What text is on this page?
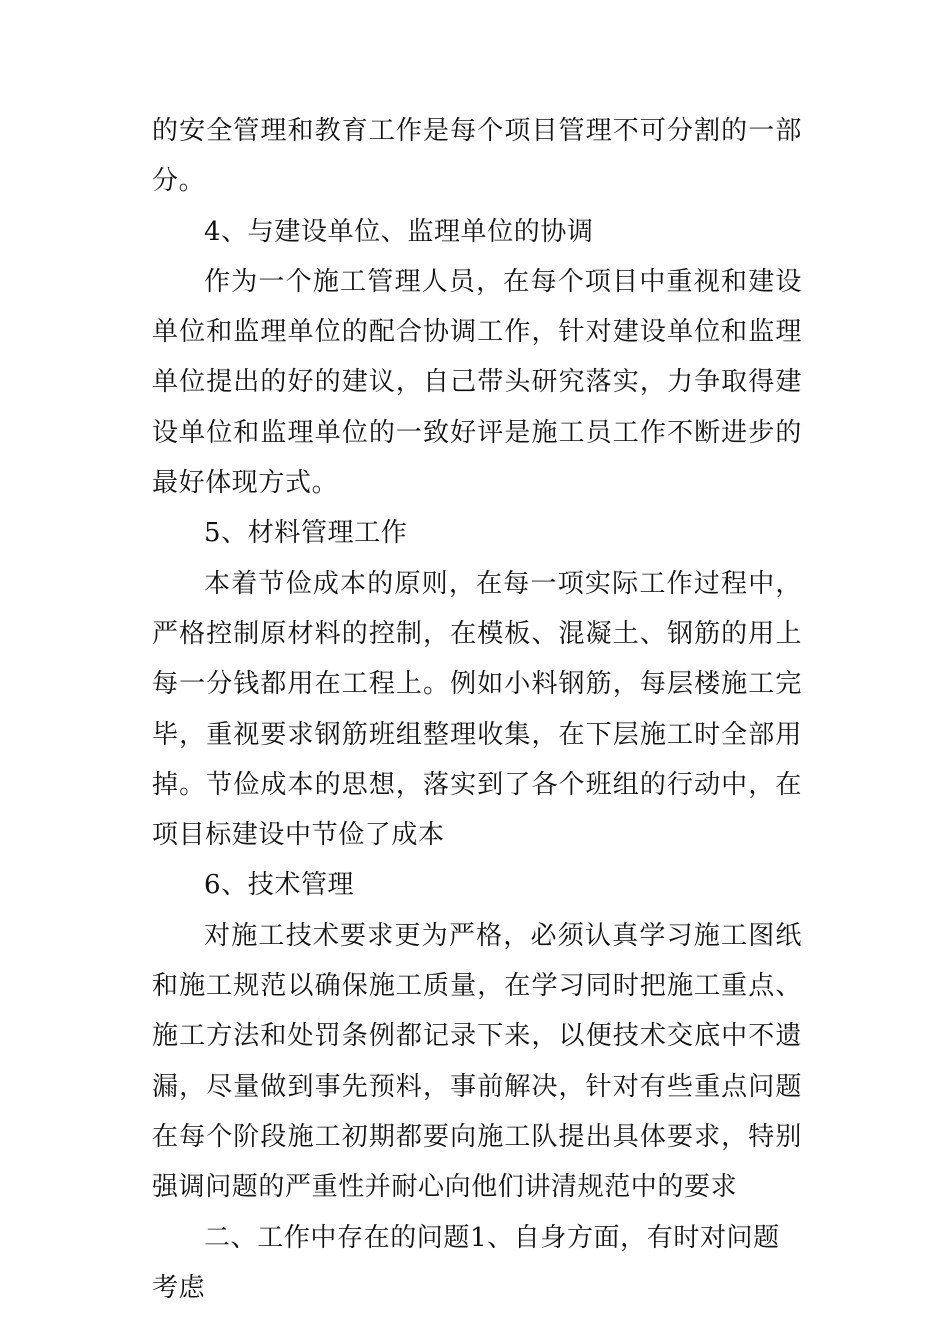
的安全管理和教育工作是每个项目管理不可分割的一部分。

4、与建设单位、监理单位的协调

作为一个施工管理人员，在每个项目中重视和建设单位和监理单位的配合协调工作，针对建设单位和监理单位提出的好的建议，自己带头研究落实，力争取得建设单位和监理单位的一致好评是施工员工作不断进步的最好体现方式。

5、材料管理工作

本着节俭成本的原则，在每一项实际工作过程中，严格控制原材料的控制，在模板、混凝土、钢筋的用上每一分钱都用在工程上。例如小料钢筋，每层楼施工完毕，重视要求钢筋班组整理收集，在下层施工时全部用掉。节俭成本的思想，落实到了各个班组的行动中，在项目标建设中节俭了成本

6、技术管理

对施工技术要求更为严格，必须认真学习施工图纸和施工规范以确保施工质量，在学习同时把施工重点、施工方法和处罚条例都记录下来，以便技术交底中不遗漏，尽量做到事先预料，事前解决，针对有些重点问题在每个阶段施工初期都要向施工队提出具体要求，特别强调问题的严重性并耐心向他们讲清规范中的要求

二、工作中存在的问题1、自身方面，有时对问题考虑
